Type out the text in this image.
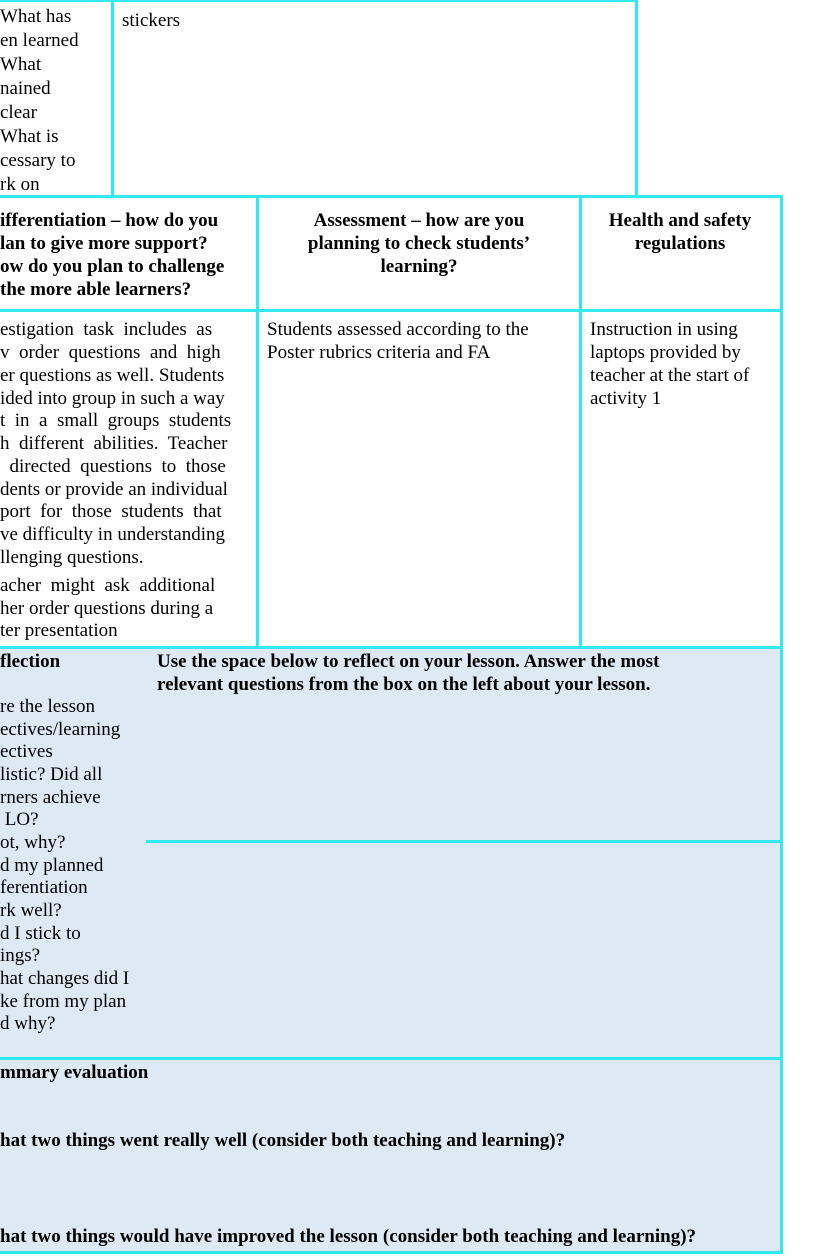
What has
en learned
What
nained
clear
What is
cessary to
rk on
stickers
ifferentiation – how do you
lan to give more support?
ow do you plan to challenge
the more able learners?
Assessment – how are you
planning to check students’
learning?
Health and safety
regulations
estigation  task  includes  as
v  order  questions  and  high
er questions as well. Students
ided into group in such a way
t  in  a  small  groups  students
h  different  abilities.  Teacher
directed  questions  to  those
dents or provide an individual
port  for  those  students  that
ve difficulty in understanding
llenging questions.
acher  might  ask  additional
her order questions during a
ter presentation
Students assessed according to the
Poster rubrics criteria and FA
Instruction in using
laptops provided by
teacher at the start of
activity 1
flection
re the lesson
ectives/learning
ectives
listic? Did all
rners achieve
LO?
ot, why?
d my planned
ferentiation
rk well?
d I stick to
ings?
hat changes did I
ke from my plan
d why?
Use the space below to reflect on your lesson. Answer the most
relevant questions from the box on the left about your lesson.
mmary evaluation
hat two things went really well (consider both teaching and learning)?
hat two things would have improved the lesson (consider both teaching and learning)?
